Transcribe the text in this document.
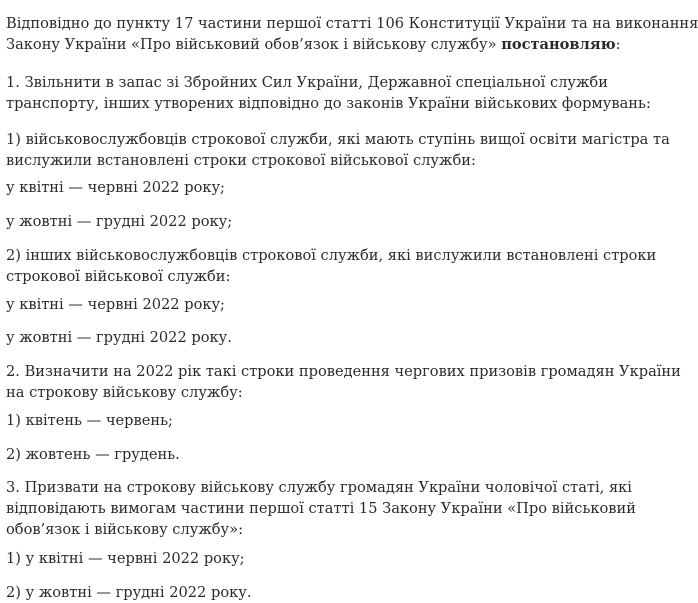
Відповідно до пункту 17 частини першої статті 106 Конституції України та на виконання
Закону України «Про військовий обов’язок і військову службу» постановляю:

1. Звільнити в запас зі Збройних Сил України, Державної спеціальної служби
транспорту, інших утворених відповідно до законів України військових формувань:

1) військовослужбовців строкової служби, які мають ступінь вищої освіти магістра та
вислужили встановлені строки строкової військової служби:

у квітні — червні 2022 року;

у жовтні — грудні 2022 року;

2) інших військовослужбовців строкової служби, які вислужили встановлені строки
строкової військової служби:

у квітні — червні 2022 року;

у жовтні — грудні 2022 року.

2. Визначити на 2022 рік такі строки проведення чергових призовів громадян України
на строкову військову службу:

1) квітень — червень;

2) жовтень — грудень.

3. Призвати на строкову військову службу громадян України чоловічої статі, які
відповідають вимогам частини першої статті 15 Закону України «Про військовий
обов’язок і військову службу»:

1) у квітні — червні 2022 року;

2) у жовтні — грудні 2022 року.
